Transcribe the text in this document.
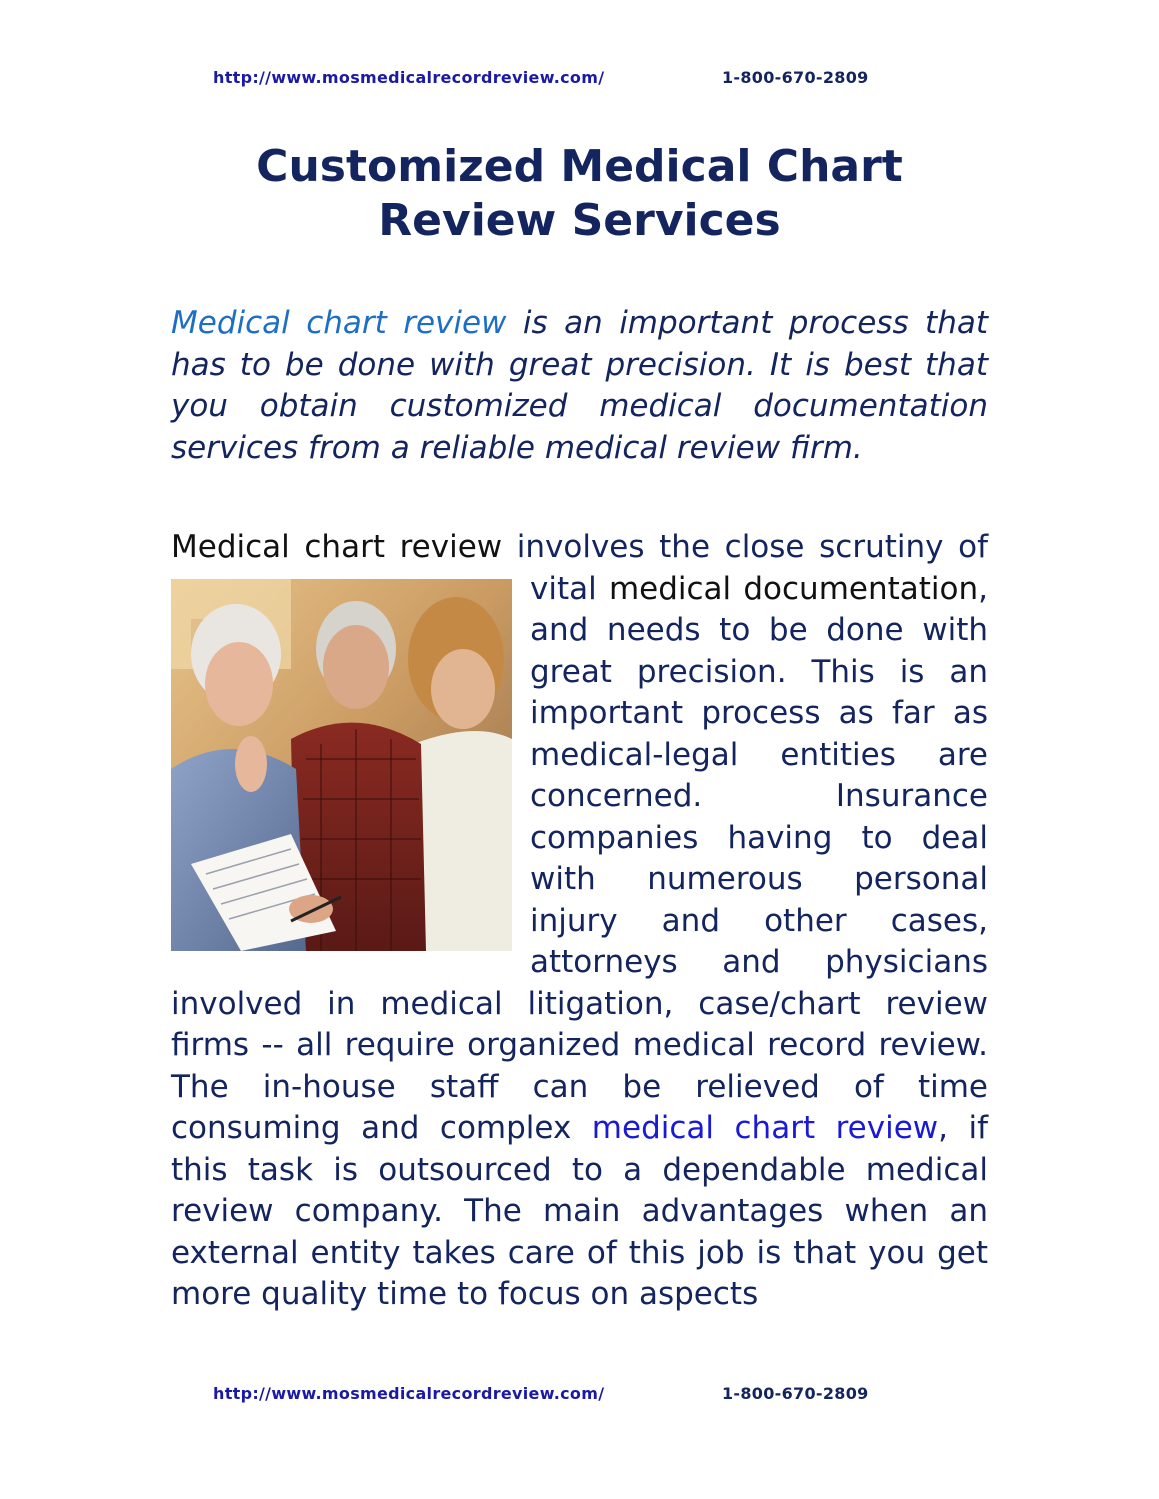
http://www.mosmedicalrecordreview.com/	1-800-670-2809
Customized Medical Chart
Review Services
Medical chart review is an important process that has to be done with great precision. It is best that you obtain customized medical documentation services from a reliable medical review firm.
Medical chart review involves the close scrutiny of vital
medical documentation, and needs to be done with great precision. This is an important process as far as medical-legal entities are concerned. Insurance companies having to deal with numerous personal injury and other cases, attorneys and physicians involved in medical litigation, case/chart review firms -- all require organized medical record review. The in-house staff can be relieved of time consuming and complex medical chart review, if this task is outsourced to a dependable medical review company. The main advantages when an external entity takes care of this job is that you get more quality time to focus on aspects
http://www.mosmedicalrecordreview.com/	1-800-670-2809
